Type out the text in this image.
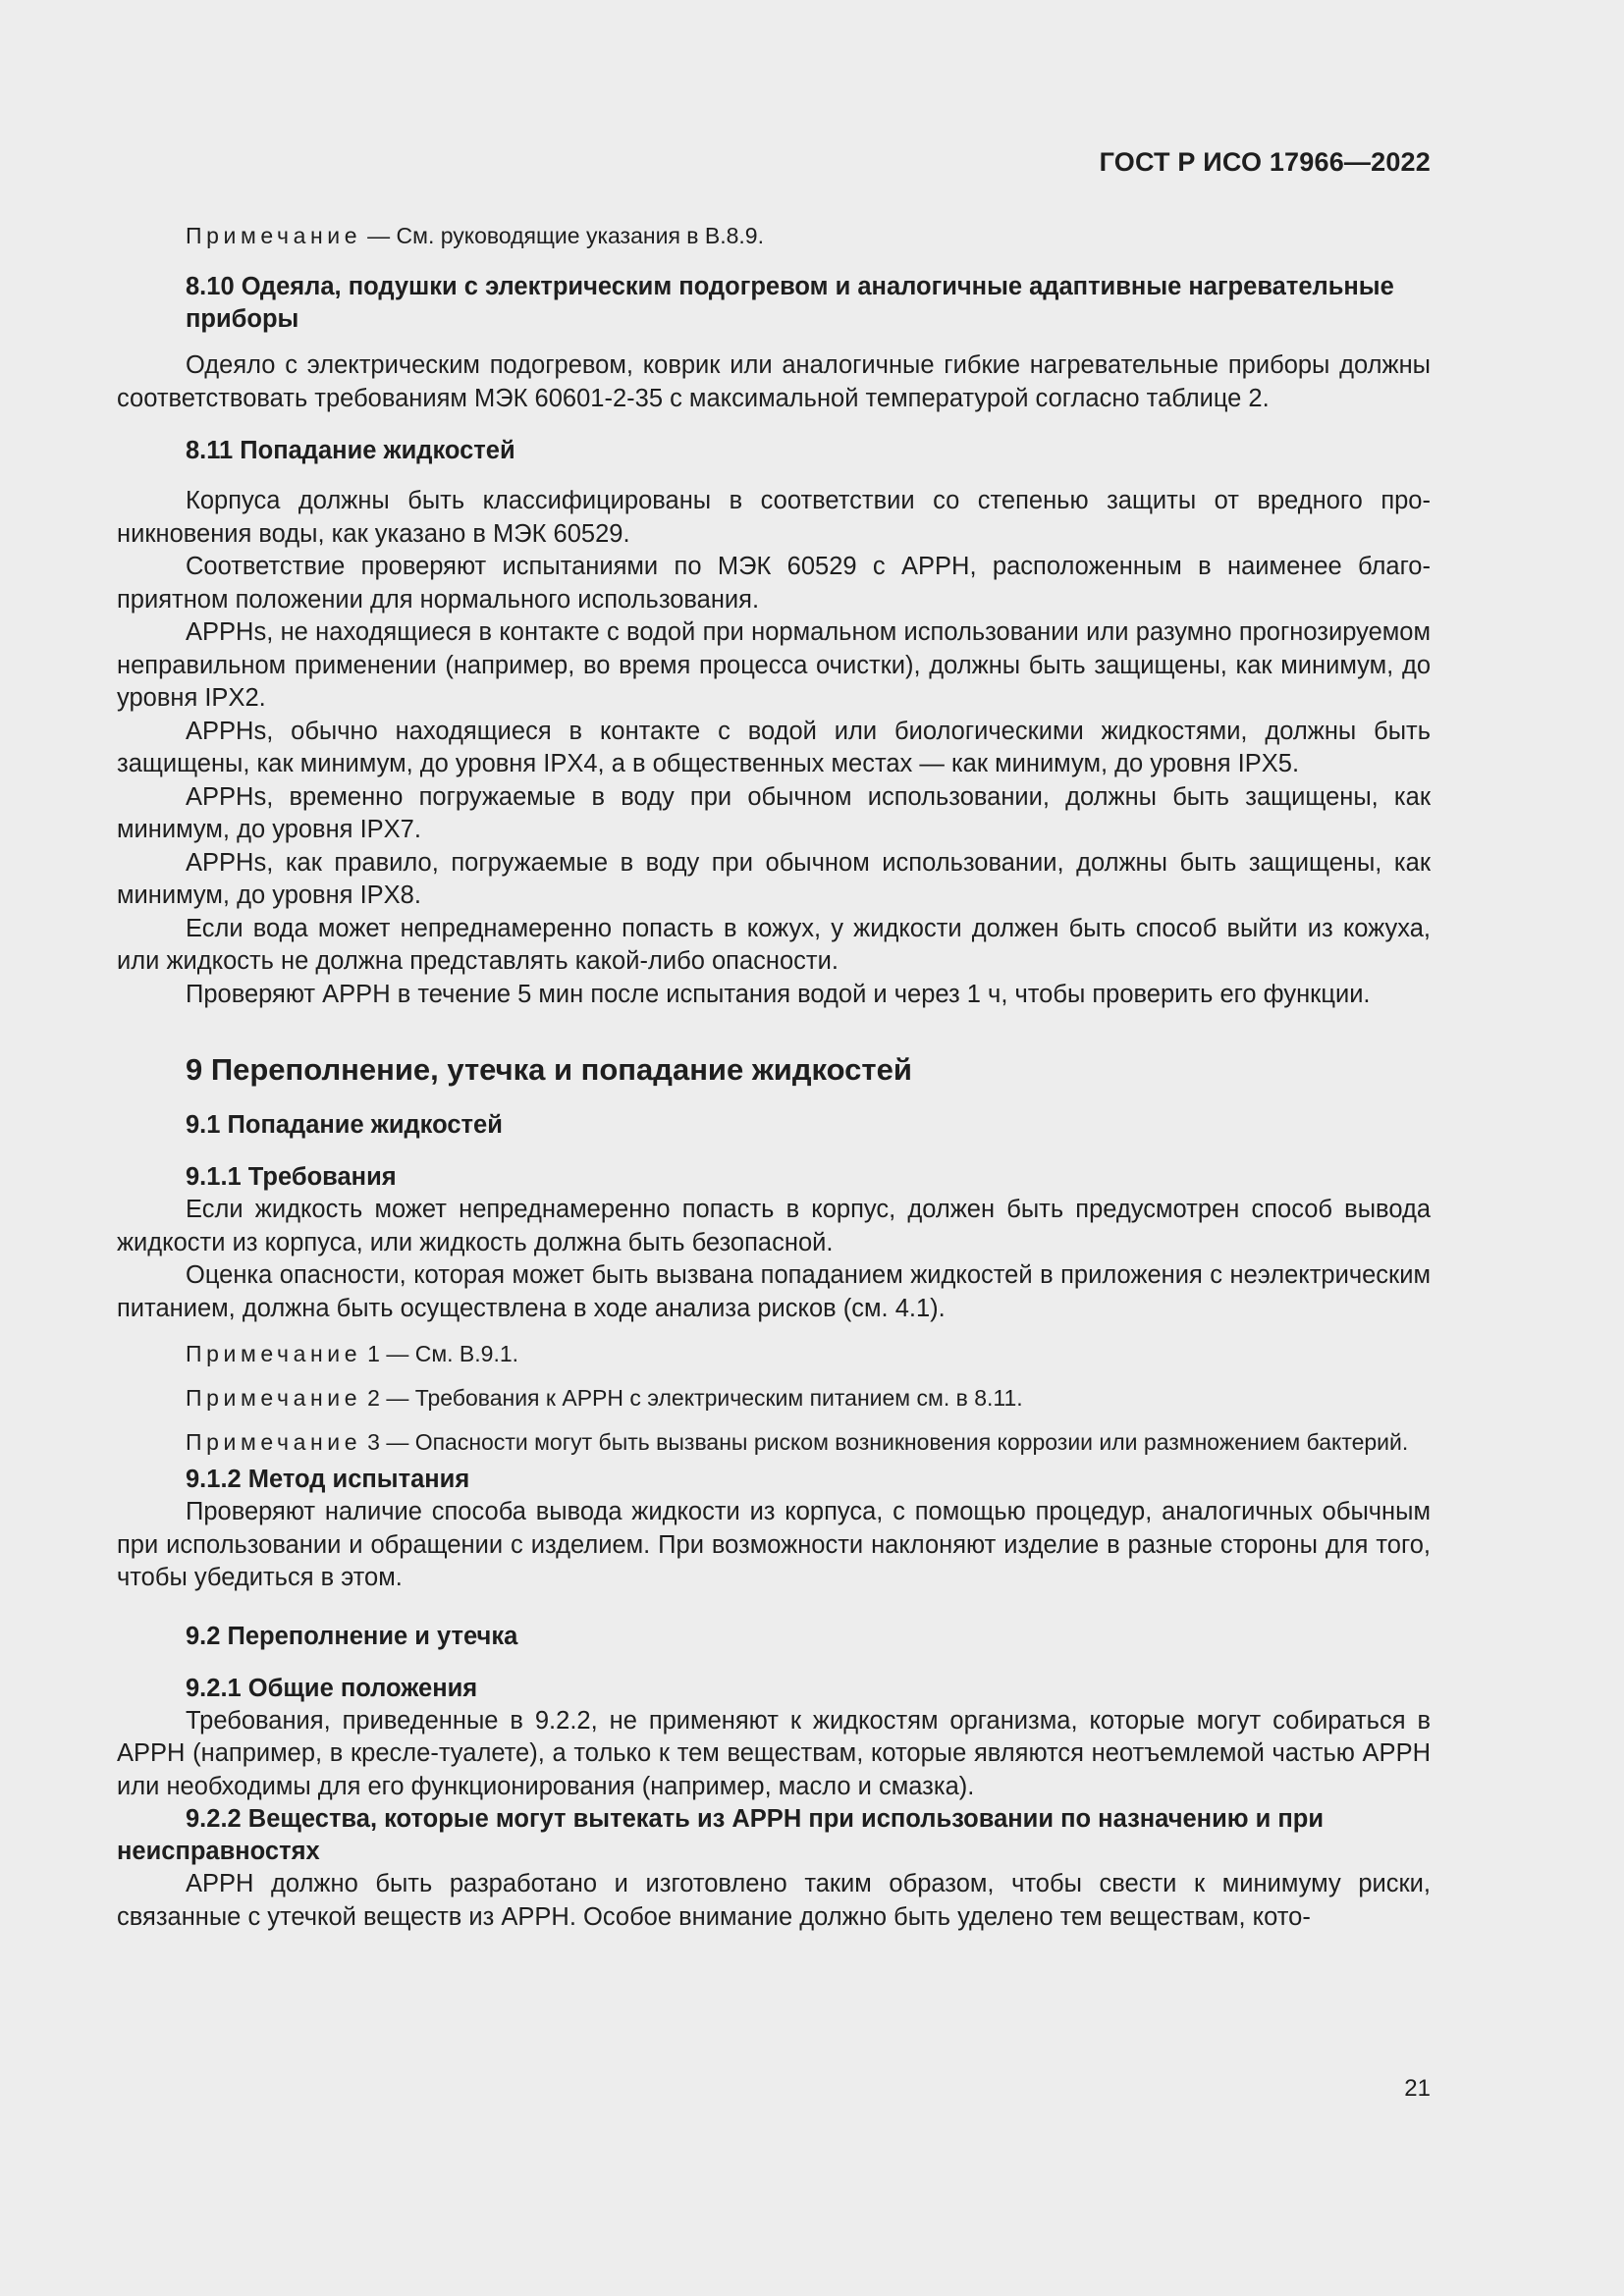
ГОСТ Р ИСО 17966—2022

Примечание — См. руководящие указания в B.8.9.

8.10 Одеяла, подушки с электрическим подогревом и аналогичные адаптивные нагревательные приборы

Одеяло с электрическим подогревом, коврик или аналогичные гибкие нагревательные приборы должны соответствовать требованиям МЭК 60601-2-35 с максимальной температурой согласно таблице 2.

8.11 Попадание жидкостей

Корпуса должны быть классифицированы в соответствии со степенью защиты от вредного проникновения воды, как указано в МЭК 60529.

Соответствие проверяют испытаниями по МЭК 60529 с APPH, расположенным в наименее благоприятном положении для нормального использования.

APPHs, не находящиеся в контакте с водой при нормальном использовании или разумно прогнозируемом неправильном применении (например, во время процесса очистки), должны быть защищены, как минимум, до уровня IPX2.

APPHs, обычно находящиеся в контакте с водой или биологическими жидкостями, должны быть защищены, как минимум, до уровня IPX4, а в общественных местах — как минимум, до уровня IPX5.

APPHs, временно погружаемые в воду при обычном использовании, должны быть защищены, как минимум, до уровня IPX7.

APPHs, как правило, погружаемые в воду при обычном использовании, должны быть защищены, как минимум, до уровня IPX8.

Если вода может непреднамеренно попасть в кожух, у жидкости должен быть способ выйти из кожуха, или жидкость не должна представлять какой-либо опасности.

Проверяют APPH в течение 5 мин после испытания водой и через 1 ч, чтобы проверить его функции.

9 Переполнение, утечка и попадание жидкостей

9.1 Попадание жидкостей

9.1.1 Требования

Если жидкость может непреднамеренно попасть в корпус, должен быть предусмотрен способ вывода жидкости из корпуса, или жидкость должна быть безопасной.

Оценка опасности, которая может быть вызвана попаданием жидкостей в приложения с неэлектрическим питанием, должна быть осуществлена в ходе анализа рисков (см. 4.1).

Примечание 1 — См. В.9.1.

Примечание 2 — Требования к APPH с электрическим питанием см. в 8.11.

Примечание 3 — Опасности могут быть вызваны риском возникновения коррозии или размножением бактерий.

9.1.2 Метод испытания

Проверяют наличие способа вывода жидкости из корпуса, с помощью процедур, аналогичных обычным при использовании и обращении с изделием. При возможности наклоняют изделие в разные стороны для того, чтобы убедиться в этом.

9.2 Переполнение и утечка

9.2.1 Общие положения

Требования, приведенные в 9.2.2, не применяют к жидкостям организма, которые могут собираться в APPH (например, в кресле-туалете), а только к тем веществам, которые являются неотъемлемой частью APPH или необходимы для его функционирования (например, масло и смазка).

9.2.2 Вещества, которые могут вытекать из APPH при использовании по назначению и при неисправностях

APPH должно быть разработано и изготовлено таким образом, чтобы свести к минимуму риски, связанные с утечкой веществ из APPH. Особое внимание должно быть уделено тем веществам, кото-

21
